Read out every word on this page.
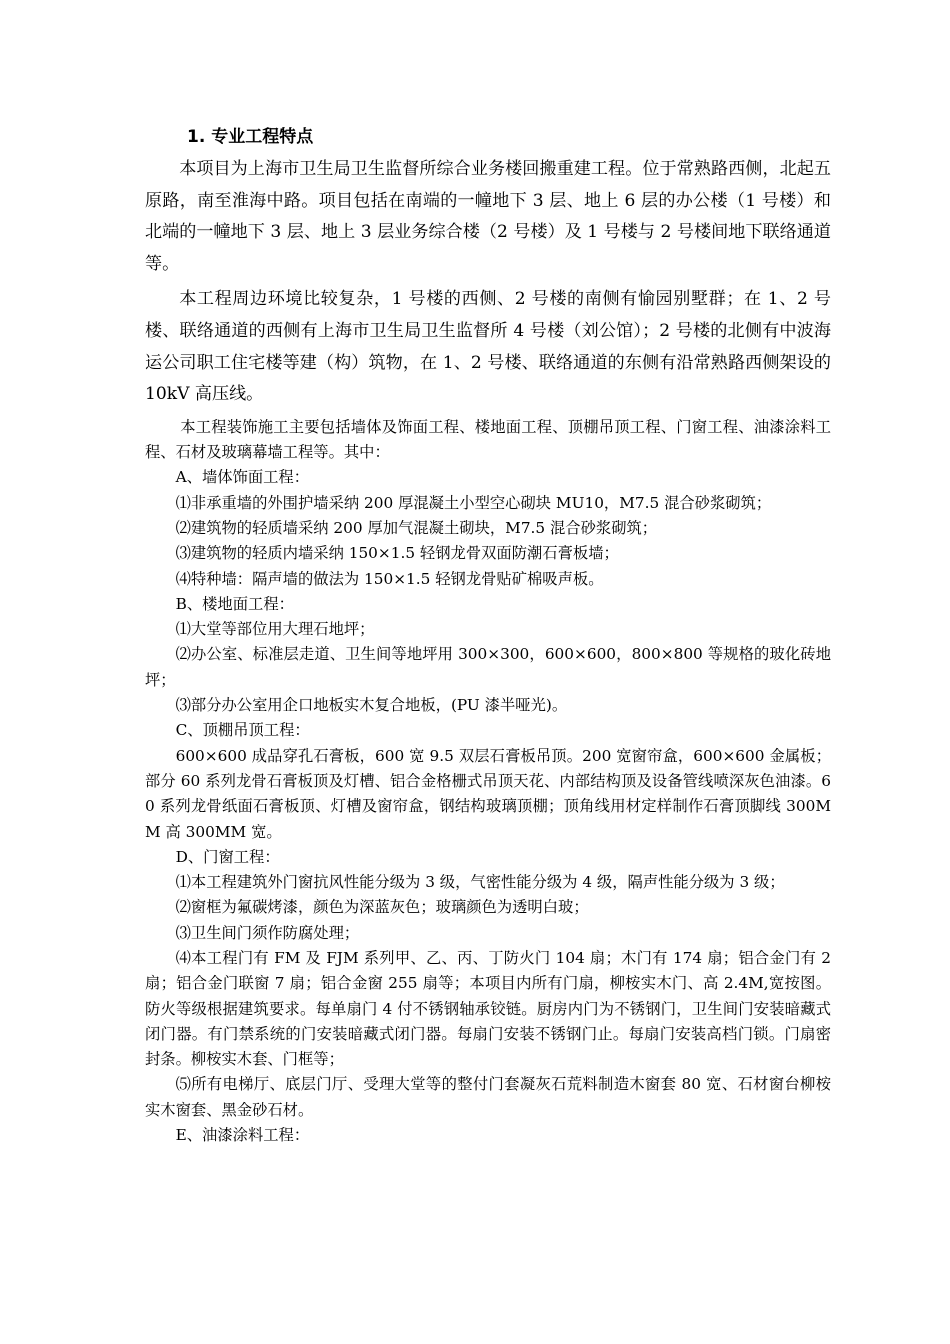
1. 专业工程特点

本项目为上海市卫生局卫生监督所综合业务楼回搬重建工程。位于常熟路西侧，北起五原路，南至淮海中路。项目包括在南端的一幢地下 3 层、地上 6 层的办公楼（1 号楼）和北端的一幢地下 3 层、地上 3 层业务综合楼（2 号楼）及 1 号楼与 2 号楼间地下联络通道等。

本工程周边环境比较复杂，1 号楼的西侧、2 号楼的南侧有愉园别墅群；在 1、2 号楼、联络通道的西侧有上海市卫生局卫生监督所 4 号楼（刘公馆）；2 号楼的北侧有中波海运公司职工住宅楼等建（构）筑物，在 1、2 号楼、联络通道的东侧有沿常熟路西侧架设的 10kV 高压线。

本工程装饰施工主要包括墙体及饰面工程、楼地面工程、顶棚吊顶工程、门窗工程、油漆涂料工程、石材及玻璃幕墙工程等。其中：

A、墙体饰面工程：

⑴非承重墙的外围护墙采纳 200 厚混凝土小型空心砌块 MU10，M7.5 混合砂浆砌筑；

⑵建筑物的轻质墙采纳 200 厚加气混凝土砌块，M7.5 混合砂浆砌筑；

⑶建筑物的轻质内墙采纳 150×1.5 轻钢龙骨双面防潮石膏板墙；

⑷特种墙：隔声墙的做法为 150×1.5 轻钢龙骨贴矿棉吸声板。

B、楼地面工程：

⑴大堂等部位用大理石地坪；

⑵办公室、标准层走道、卫生间等地坪用 300×300，600×600，800×800 等规格的玻化砖地坪；

⑶部分办公室用企口地板实木复合地板，(PU 漆半哑光)。

C、顶棚吊顶工程：

600×600 成品穿孔石膏板，600 宽 9.5 双层石膏板吊顶。200 宽窗帘盒，600×600 金属板；部分 60 系列龙骨石膏板顶及灯槽、铝合金格栅式吊顶天花、内部结构顶及设备管线喷深灰色油漆。60 系列龙骨纸面石膏板顶、灯槽及窗帘盒，钢结构玻璃顶棚；顶角线用材定样制作石膏顶脚线 300MM 高 300MM 宽。

D、门窗工程：

⑴本工程建筑外门窗抗风性能分级为 3 级，气密性能分级为 4 级，隔声性能分级为 3 级；

⑵窗框为氟碳烤漆，颜色为深蓝灰色；玻璃颜色为透明白玻；

⑶卫生间门须作防腐处理；

⑷本工程门有 FM 及 FJM 系列甲、乙、丙、丁防火门 104 扇；木门有 174 扇；铝合金门有 2 扇；铝合金门联窗 7 扇；铝合金窗 255 扇等；本项目内所有门扇，柳桉实木门、高 2.4M,宽按图。防火等级根据建筑要求。每单扇门 4 付不锈钢轴承铰链。厨房内门为不锈钢门，卫生间门安装暗藏式闭门器。有门禁系统的门安装暗藏式闭门器。每扇门安装不锈钢门止。每扇门安装高档门锁。门扇密封条。柳桉实木套、门框等；

⑸所有电梯厅、底层门厅、受理大堂等的整付门套凝灰石荒料制造木窗套 80 宽、石材窗台柳桉实木窗套、黑金砂石材。

E、油漆涂料工程：
